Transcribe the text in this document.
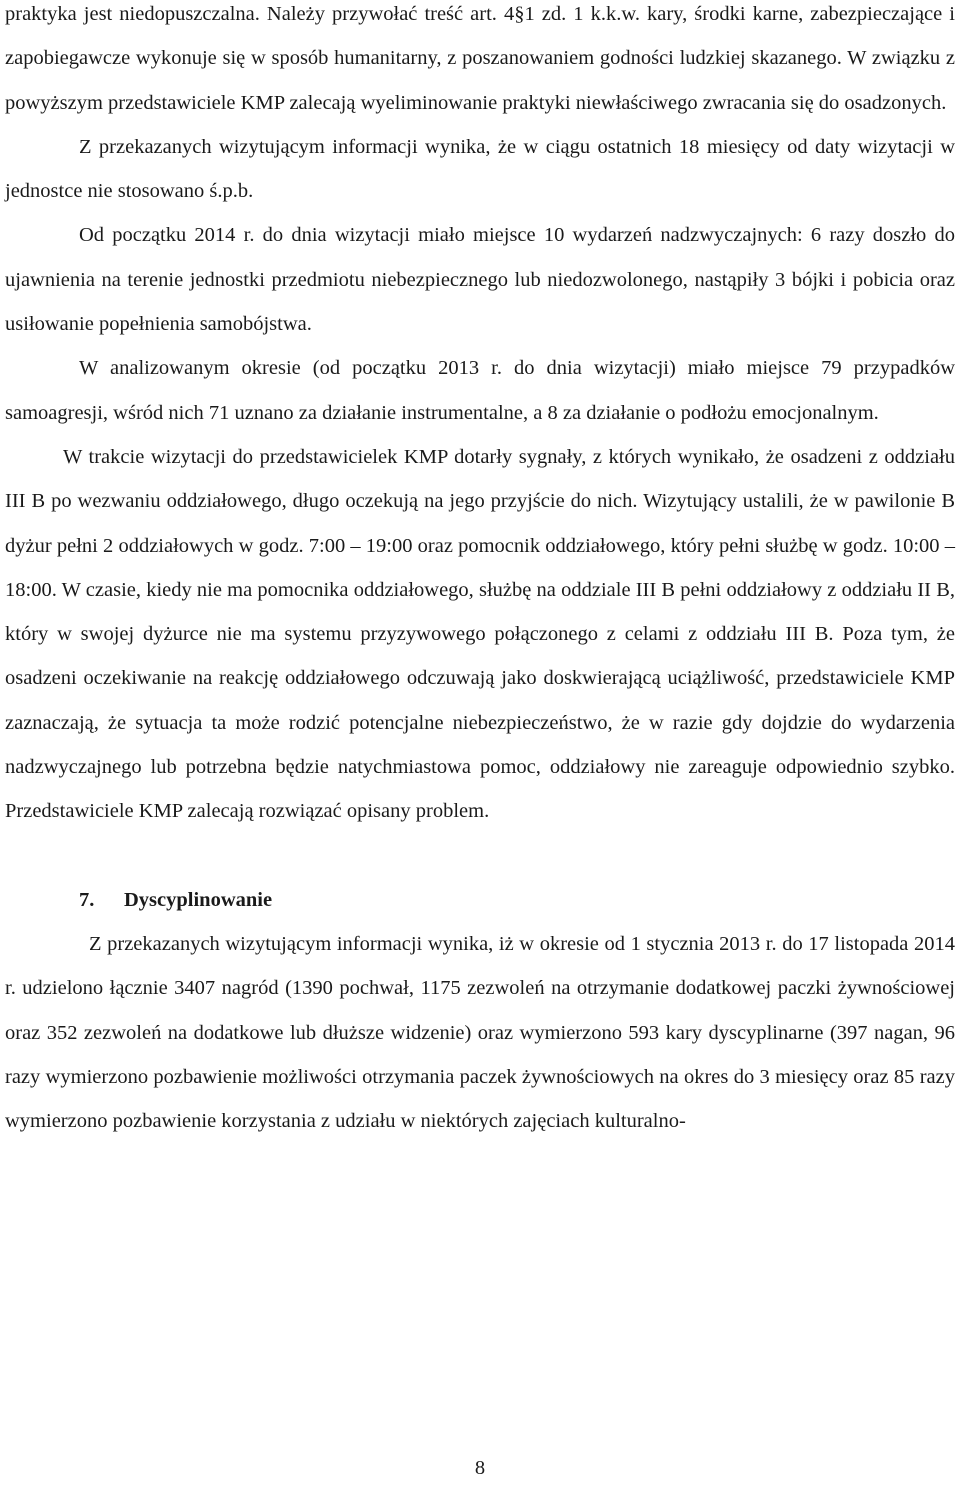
praktyka jest niedopuszczalna. Należy przywołać treść art. 4§1 zd. 1 k.k.w. kary, środki karne, zabezpieczające i zapobiegawcze wykonuje się w sposób humanitarny, z poszanowaniem godności ludzkiej skazanego. W związku z powyższym przedstawiciele KMP zalecają wyeliminowanie praktyki niewłaściwego zwracania się do osadzonych.

Z przekazanych wizytującym informacji wynika, że w ciągu ostatnich 18 miesięcy od daty wizytacji w jednostce nie stosowano ś.p.b.

Od początku 2014 r. do dnia wizytacji miało miejsce 10 wydarzeń nadzwyczajnych: 6 razy doszło do ujawnienia na terenie jednostki przedmiotu niebezpiecznego lub niedozwolonego, nastąpiły 3 bójki i pobicia oraz usiłowanie popełnienia samobójstwa.

W analizowanym okresie (od początku 2013 r. do dnia wizytacji) miało miejsce 79 przypadków samoagresji, wśród nich 71 uznano za działanie instrumentalne, a 8 za działanie o podłożu emocjonalnym.

W trakcie wizytacji do przedstawicielek KMP dotarły sygnały, z których wynikało, że osadzeni z oddziału III B po wezwaniu oddziałowego, długo oczekują na jego przyjście do nich. Wizytujący ustalili, że w pawilonie B dyżur pełni 2 oddziałowych w godz. 7:00 – 19:00 oraz pomocnik oddziałowego, który pełni służbę w godz. 10:00 – 18:00. W czasie, kiedy nie ma pomocnika oddziałowego, służbę na oddziale III B pełni oddziałowy z oddziału II B, który w swojej dyżurce nie ma systemu przyzywowego połączonego z celami z oddziału III B. Poza tym, że osadzeni oczekiwanie na reakcję oddziałowego odczuwają jako doskwierającą uciążliwość, przedstawiciele KMP zaznaczają, że sytuacja ta może rodzić potencjalne niebezpieczeństwo, że w razie gdy dojdzie do wydarzenia nadzwyczajnego lub potrzebna będzie natychmiastowa pomoc, oddziałowy nie zareaguje odpowiednio szybko. Przedstawiciele KMP zalecają rozwiązać opisany problem.

7. Dyscyplinowanie

Z przekazanych wizytującym informacji wynika, iż w okresie od 1 stycznia 2013 r. do 17 listopada 2014 r. udzielono łącznie 3407 nagród (1390 pochwał, 1175 zezwoleń na otrzymanie dodatkowej paczki żywnościowej oraz 352 zezwoleń na dodatkowe lub dłuższe widzenie) oraz wymierzono 593 kary dyscyplinarne (397 nagan, 96 razy wymierzono pozbawienie możliwości otrzymania paczek żywnościowych na okres do 3 miesięcy oraz 85 razy wymierzono pozbawienie korzystania z udziału w niektórych zajęciach kulturalno-

8
